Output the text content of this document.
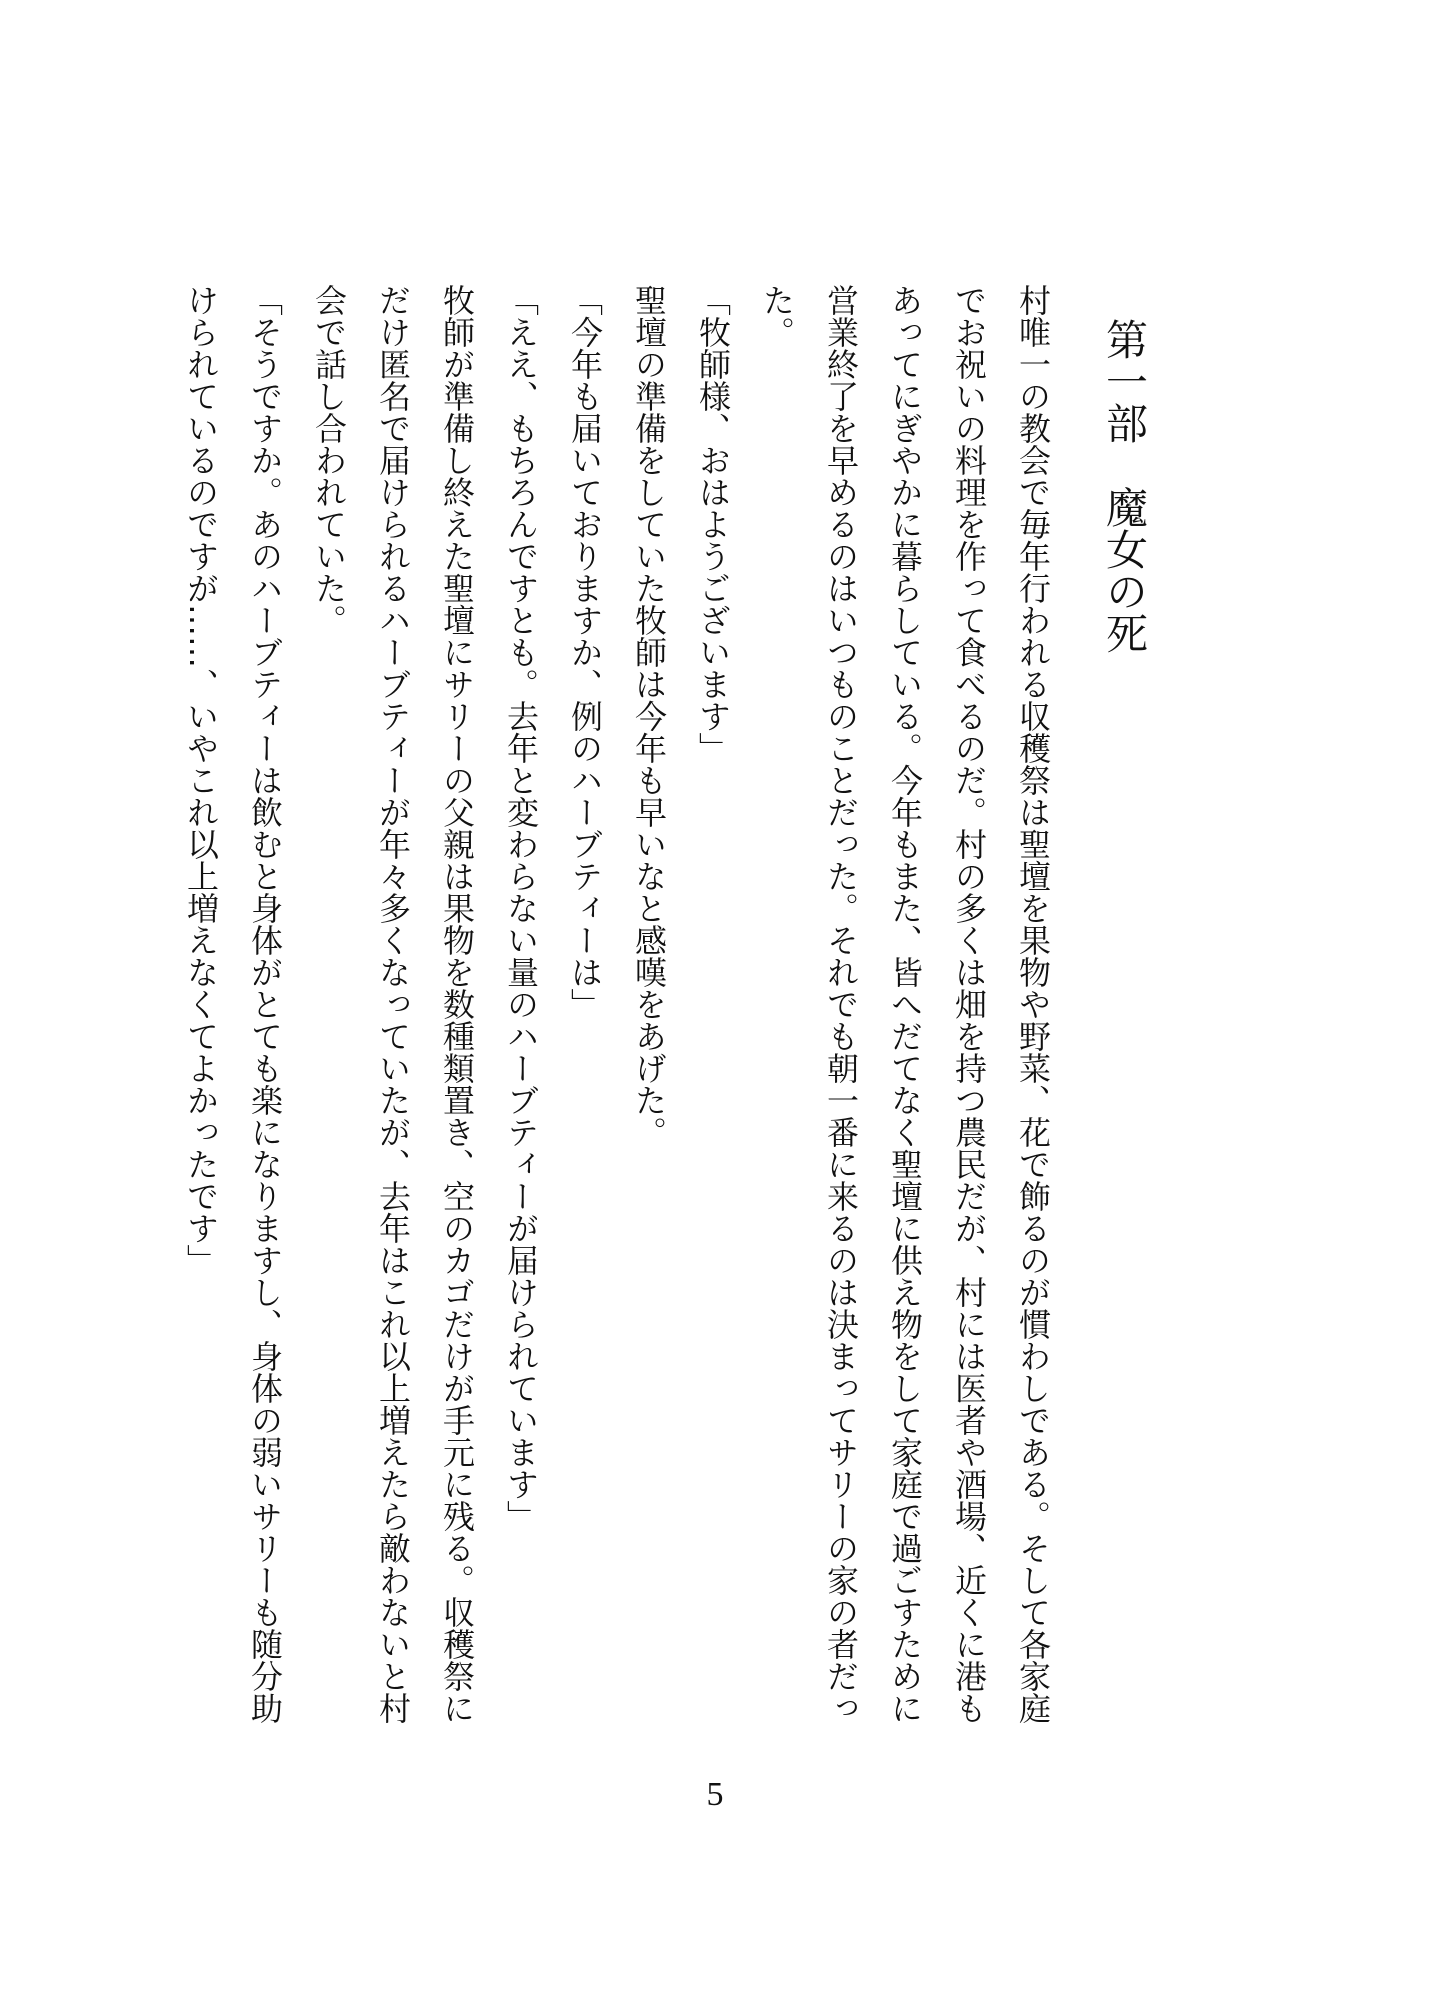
第一部　魔女の死

村唯一の教会で毎年行われる収穫祭は聖壇を果物や野菜、花で飾るのが慣わしである。そして各家庭でお祝いの料理を作って食べるのだ。村の多くは畑を持つ農民だが、村には医者や酒場、近くに港もあってにぎやかに暮らしている。今年もまた、皆へだてなく聖壇に供え物をして家庭で過ごすために営業終了を早めるのはいつものことだった。それでも朝一番に来るのは決まってサリーの家の者だった。

「牧師様、おはようございます」

聖壇の準備をしていた牧師は今年も早いなと感嘆をあげた。

「今年も届いておりますか、例のハーブティーは」

「ええ、もちろんですとも。去年と変わらない量のハーブティーが届けられています」

牧師が準備し終えた聖壇にサリーの父親は果物を数種類置き、空のカゴだけが手元に残る。収穫祭にだけ匿名で届けられるハーブティーが年々多くなっていたが、去年はこれ以上増えたら敵わないと村会で話し合われていた。

「そうですか。あのハーブティーは飲むと身体がとても楽になりますし、身体の弱いサリーも随分助けられているのですが……、いやこれ以上増えなくてよかったです」

5
